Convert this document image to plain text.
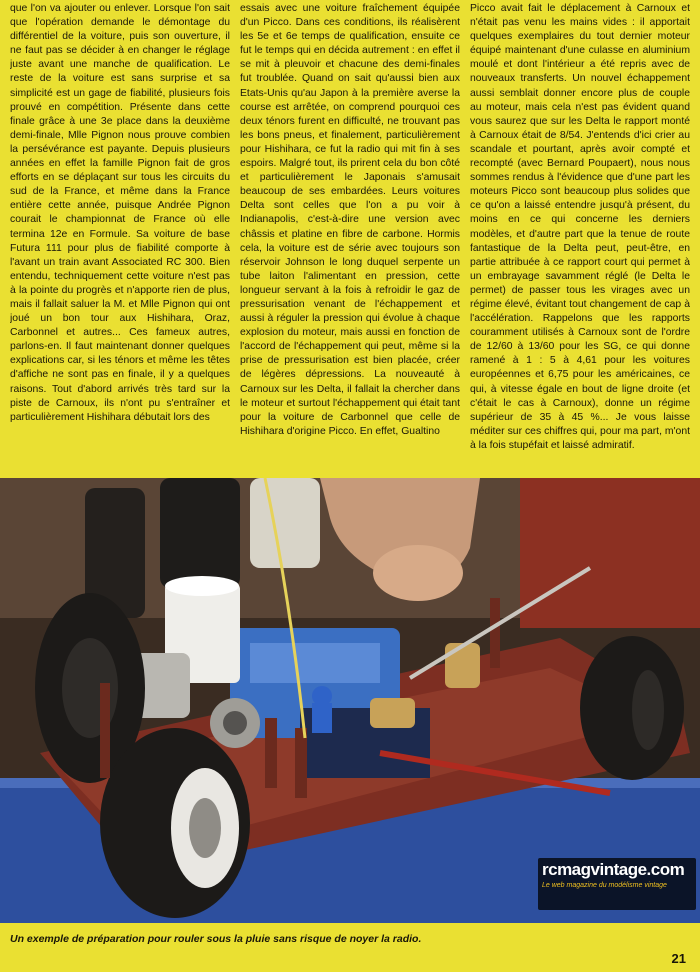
que l'on va ajouter ou enlever. Lorsque l'on sait que l'opération demande le démontage du différentiel de la voiture, puis son ouverture, il ne faut pas se décider à en changer le réglage juste avant une manche de qualification. Le reste de la voiture est sans surprise et sa simplicité est un gage de fiabilité, plusieurs fois prouvé en compétition. Présente dans cette finale grâce à une 3e place dans la deuxième demi-finale, Mlle Pignon nous prouve combien la persévérance est payante. Depuis plusieurs années en effet la famille Pignon fait de gros efforts en se déplaçant sur tous les circuits du sud de la France, et même dans la France entière cette année, puisque Andrée Pignon courait le championnat de France où elle termina 12e en Formule. Sa voiture de base Futura 111 pour plus de fiabilité comporte à l'avant un train avant Associated RC 300. Bien entendu, techniquement cette voiture n'est pas à la pointe du progrès et n'apporte rien de plus, mais il fallait saluer la M. et Mlle Pignon qui ont joué un bon tour aux Hishihara, Oraz, Carbonnel et autres... Ces fameux autres, parlons-en. Il faut maintenant donner quelques explications car, si les ténors et même les têtes d'affiche ne sont pas en finale, il y a quelques raisons. Tout d'abord arrivés très tard sur la piste de Carnoux, ils n'ont pu s'entraîner et particulièrement Hishihara débutait lors des

essais avec une voiture fraîchement équipée d'un Picco. Dans ces conditions, ils réalisèrent les 5e et 6e temps de qualification, ensuite ce fut le temps qui en décida autrement : en effet il se mit à pleuvoir et chacune des demi-finales fut troublée. Quand on sait qu'aussi bien aux Etats-Unis qu'au Japon à la première averse la course est arrêtée, on comprend pourquoi ces deux ténors furent en difficulté, ne trouvant pas les bons pneus, et finalement, particulièrement pour Hishihara, ce fut la radio qui mit fin à ses espoirs. Malgré tout, ils prirent cela du bon côté et particulièrement le Japonais s'amusait beaucoup de ses embardées. Leurs voitures Delta sont celles que l'on a pu voir à Indianapolis, c'est-à-dire une version avec châssis et platine en fibre de carbone. Hormis cela, la voiture est de série avec toujours son réservoir Johnson le long duquel serpente un tube laiton l'alimentant en pression, cette longueur servant à la fois à refroidir le gaz de pressurisation venant de l'échappement et aussi à réguler la pression qui évolue à chaque explosion du moteur, mais aussi en fonction de l'accord de l'échappement qui peut, même si la prise de pressurisation est bien placée, créer de légères dépressions. La nouveauté à Carnoux sur les Delta, il fallait la chercher dans le moteur et surtout l'échappement qui était tant pour la voiture de Carbonnel que celle de Hishihara d'origine Picco. En effet, Gualtino

Picco avait fait le déplacement à Carnoux et n'était pas venu les mains vides : il apportait quelques exemplaires du tout dernier moteur équipé maintenant d'une culasse en aluminium moulé et dont l'intérieur a été repris avec de nouveaux transferts. Un nouvel échappement aussi semblait donner encore plus de couple au moteur, mais cela n'est pas évident quand vous saurez que sur les Delta le rapport monté à Carnoux était de 8/54. J'entends d'ici crier au scandale et pourtant, après avoir compté et recompté (avec Bernard Poupaert), nous nous sommes rendus à l'évidence que d'une part les moteurs Picco sont beaucoup plus solides que ce qu'on a laissé entendre jusqu'à présent, du moins en ce qui concerne les derniers modèles, et d'autre part que la tenue de route fantastique de la Delta peut, peut-être, en partie attribuée à ce rapport court qui permet à un embrayage savamment réglé (le Delta le permet) de passer tous les virages avec un régime élevé, évitant tout changement de cap à l'accélération. Rappelons que les rapports couramment utilisés à Carnoux sont de l'ordre de 12/60 à 13/60 pour les SG, ce qui donne ramené à 1 : 5 à 4,61 pour les voitures européennes et 6,75 pour les américaines, ce qui, à vitesse égale en bout de ligne droite (et c'était le cas à Carnoux), donne un régime supérieur de 35 à 45 %... Je vous laisse méditer sur ces chiffres qui, pour ma part, m'ont à la fois stupéfait et laissé admiratif.

rcmagvintage.com
Le web magazine du modélisme vintage
Un exemple de préparation pour rouler sous la pluie sans risque de noyer la radio.
21
